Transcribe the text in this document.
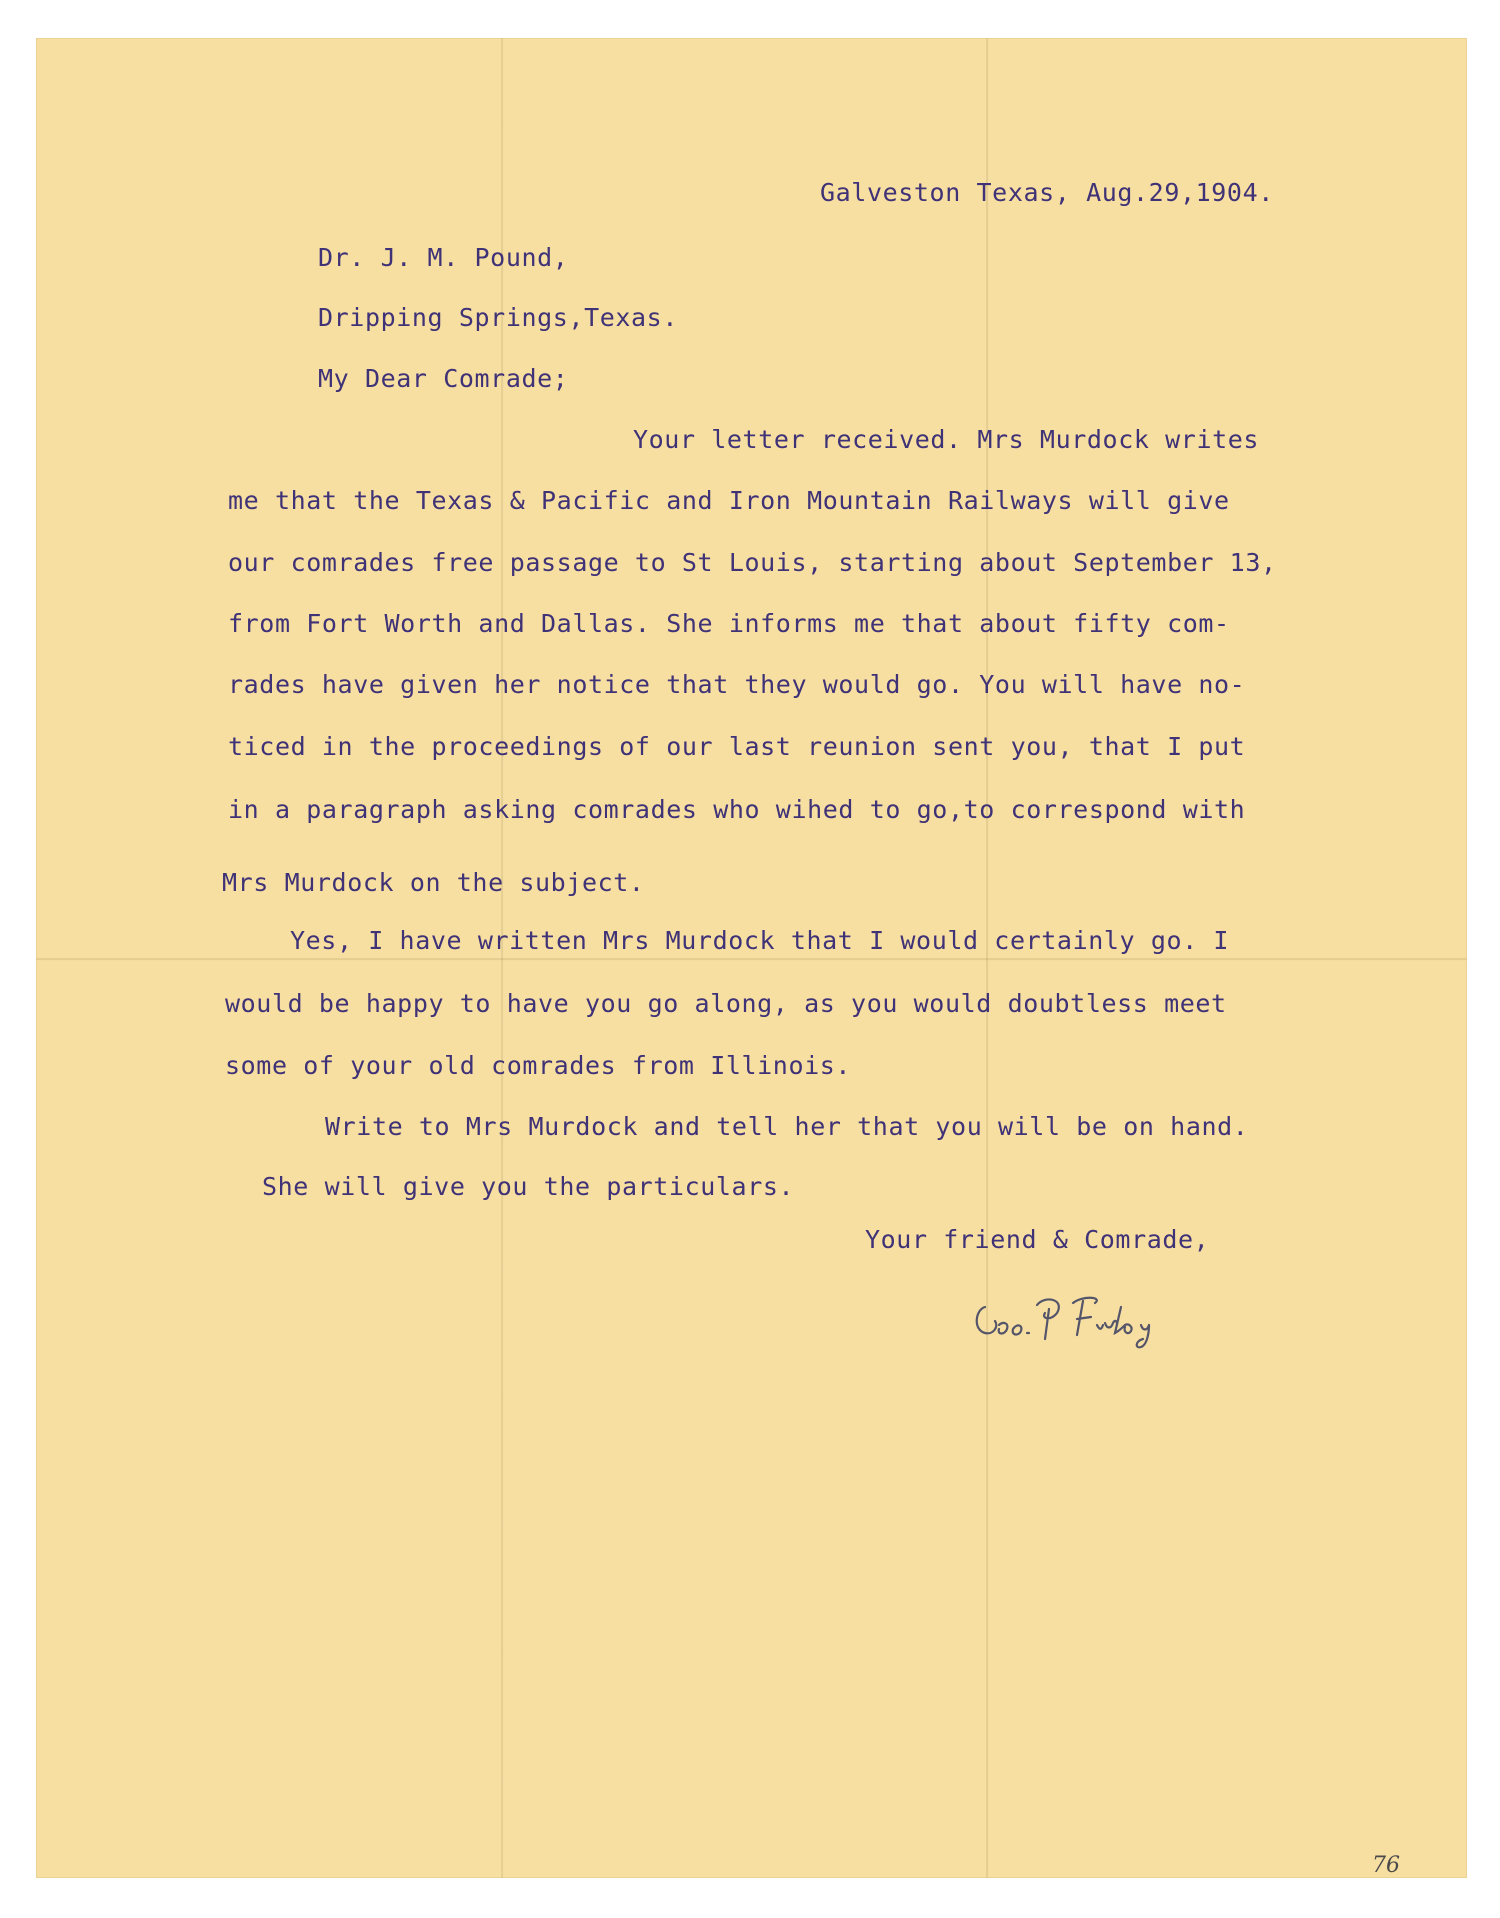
Galveston Texas, Aug.29,1904.
Dr. J. M. Pound,
Dripping Springs,Texas.
My Dear Comrade;
Your letter received. Mrs Murdock writes
me that the Texas & Pacific and Iron Mountain Railways will give
our comrades free passage to St Louis, starting about September 13,
from Fort Worth and Dallas. She informs me that about fifty com-
rades have given her notice that they would go. You will have no-
ticed in the proceedings of our last reunion sent you, that I put
in a paragraph asking comrades who wihed to go,to correspond with
Mrs Murdock on the subject.
Yes, I have written Mrs Murdock that I would certainly go. I
would be happy to have you go along, as you would doubtless meet
some of your old comrades from Illinois.
Write to Mrs Murdock and tell her that you will be on hand.
She will give you the particulars.
Your friend & Comrade,
76
